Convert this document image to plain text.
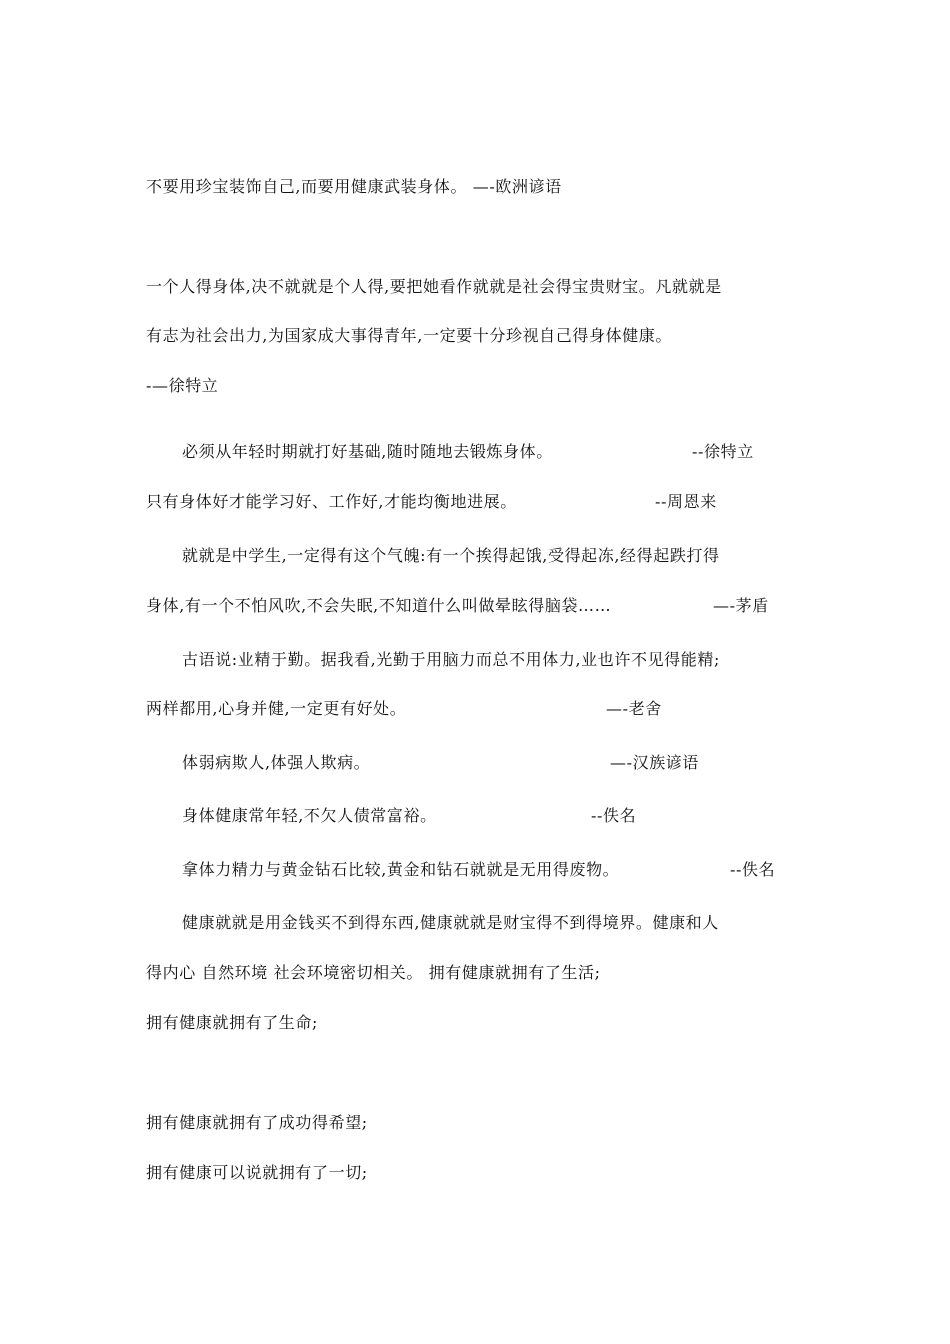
不要用珍宝装饰自己,而要用健康武装身体。 —-欧洲谚语
一个人得身体,决不就就是个人得,要把她看作就就是社会得宝贵财宝。凡就就是
有志为社会出力,为国家成大事得青年,一定要十分珍视自己得身体健康。
-—徐特立
必须从年轻时期就打好基础,随时随地去锻炼身体。	--徐特立
只有身体好才能学习好、工作好,才能均衡地进展。	--周恩来
就就是中学生,一定得有这个气魄:有一个挨得起饿,受得起冻,经得起跌打得
身体,有一个不怕风吹,不会失眠,不知道什么叫做晕眩得脑袋……	—-茅盾
古语说:业精于勤。据我看,光勤于用脑力而总不用体力,业也许不见得能精;
两样都用,心身并健,一定更有好处。	—-老舍
体弱病欺人,体强人欺病。	—-汉族谚语
身体健康常年轻,不欠人债常富裕。	--佚名
拿体力精力与黄金钻石比较,黄金和钻石就就是无用得废物。	--佚名
健康就就是用金钱买不到得东西,健康就就是财宝得不到得境界。健康和人
得内心 自然环境 社会环境密切相关。 拥有健康就拥有了生活;
拥有健康就拥有了生命;
拥有健康就拥有了成功得希望;
拥有健康可以说就拥有了一切;
